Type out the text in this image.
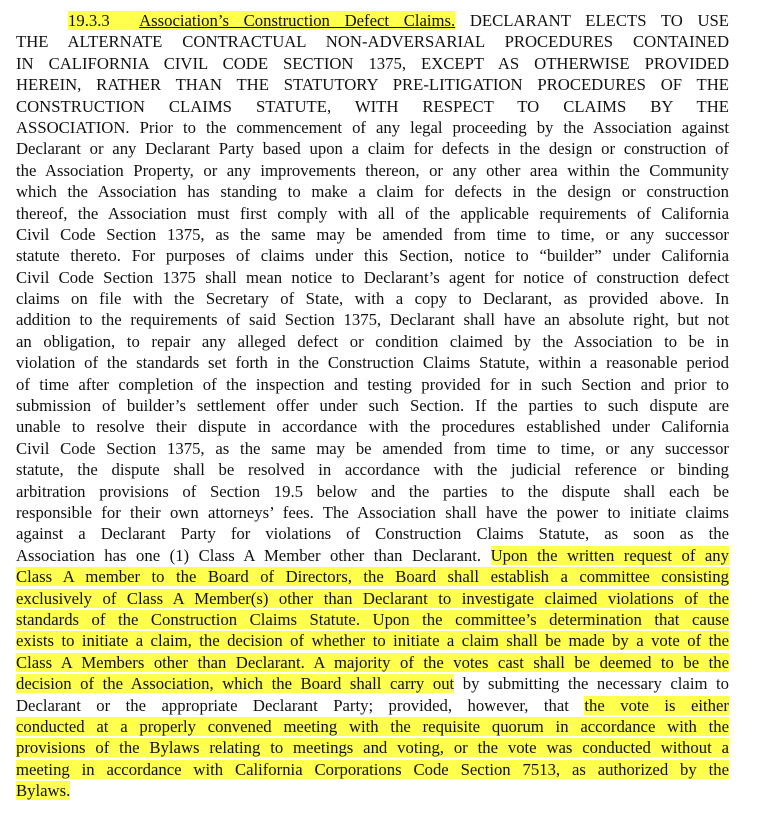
19.3.3 Association’s Construction Defect Claims. DECLARANT ELECTS TO USE
THE ALTERNATE CONTRACTUAL NON-ADVERSARIAL PROCEDURES CONTAINED
IN CALIFORNIA CIVIL CODE SECTION 1375, EXCEPT AS OTHERWISE PROVIDED
HEREIN, RATHER THAN THE STATUTORY PRE-LITIGATION PROCEDURES OF THE
CONSTRUCTION CLAIMS STATUTE, WITH RESPECT TO CLAIMS BY THE
ASSOCIATION. Prior to the commencement of any legal proceeding by the Association against
Declarant or any Declarant Party based upon a claim for defects in the design or construction of
the Association Property, or any improvements thereon, or any other area within the Community
which the Association has standing to make a claim for defects in the design or construction
thereof, the Association must first comply with all of the applicable requirements of California
Civil Code Section 1375, as the same may be amended from time to time, or any successor
statute thereto. For purposes of claims under this Section, notice to “builder” under California
Civil Code Section 1375 shall mean notice to Declarant’s agent for notice of construction defect
claims on file with the Secretary of State, with a copy to Declarant, as provided above. In
addition to the requirements of said Section 1375, Declarant shall have an absolute right, but not
an obligation, to repair any alleged defect or condition claimed by the Association to be in
violation of the standards set forth in the Construction Claims Statute, within a reasonable period
of time after completion of the inspection and testing provided for in such Section and prior to
submission of builder’s settlement offer under such Section. If the parties to such dispute are
unable to resolve their dispute in accordance with the procedures established under California
Civil Code Section 1375, as the same may be amended from time to time, or any successor
statute, the dispute shall be resolved in accordance with the judicial reference or binding
arbitration provisions of Section 19.5 below and the parties to the dispute shall each be
responsible for their own attorneys’ fees. The Association shall have the power to initiate claims
against a Declarant Party for violations of Construction Claims Statute, as soon as the
Association has one (1) Class A Member other than Declarant. Upon the written request of any
Class A member to the Board of Directors, the Board shall establish a committee consisting
exclusively of Class A Member(s) other than Declarant to investigate claimed violations of the
standards of the Construction Claims Statute. Upon the committee’s determination that cause
exists to initiate a claim, the decision of whether to initiate a claim shall be made by a vote of the
Class A Members other than Declarant. A majority of the votes cast shall be deemed to be the
decision of the Association, which the Board shall carry out by submitting the necessary claim to
Declarant or the appropriate Declarant Party; provided, however, that the vote is either
conducted at a properly convened meeting with the requisite quorum in accordance with the
provisions of the Bylaws relating to meetings and voting, or the vote was conducted without a
meeting in accordance with California Corporations Code Section 7513, as authorized by the
Bylaws.
